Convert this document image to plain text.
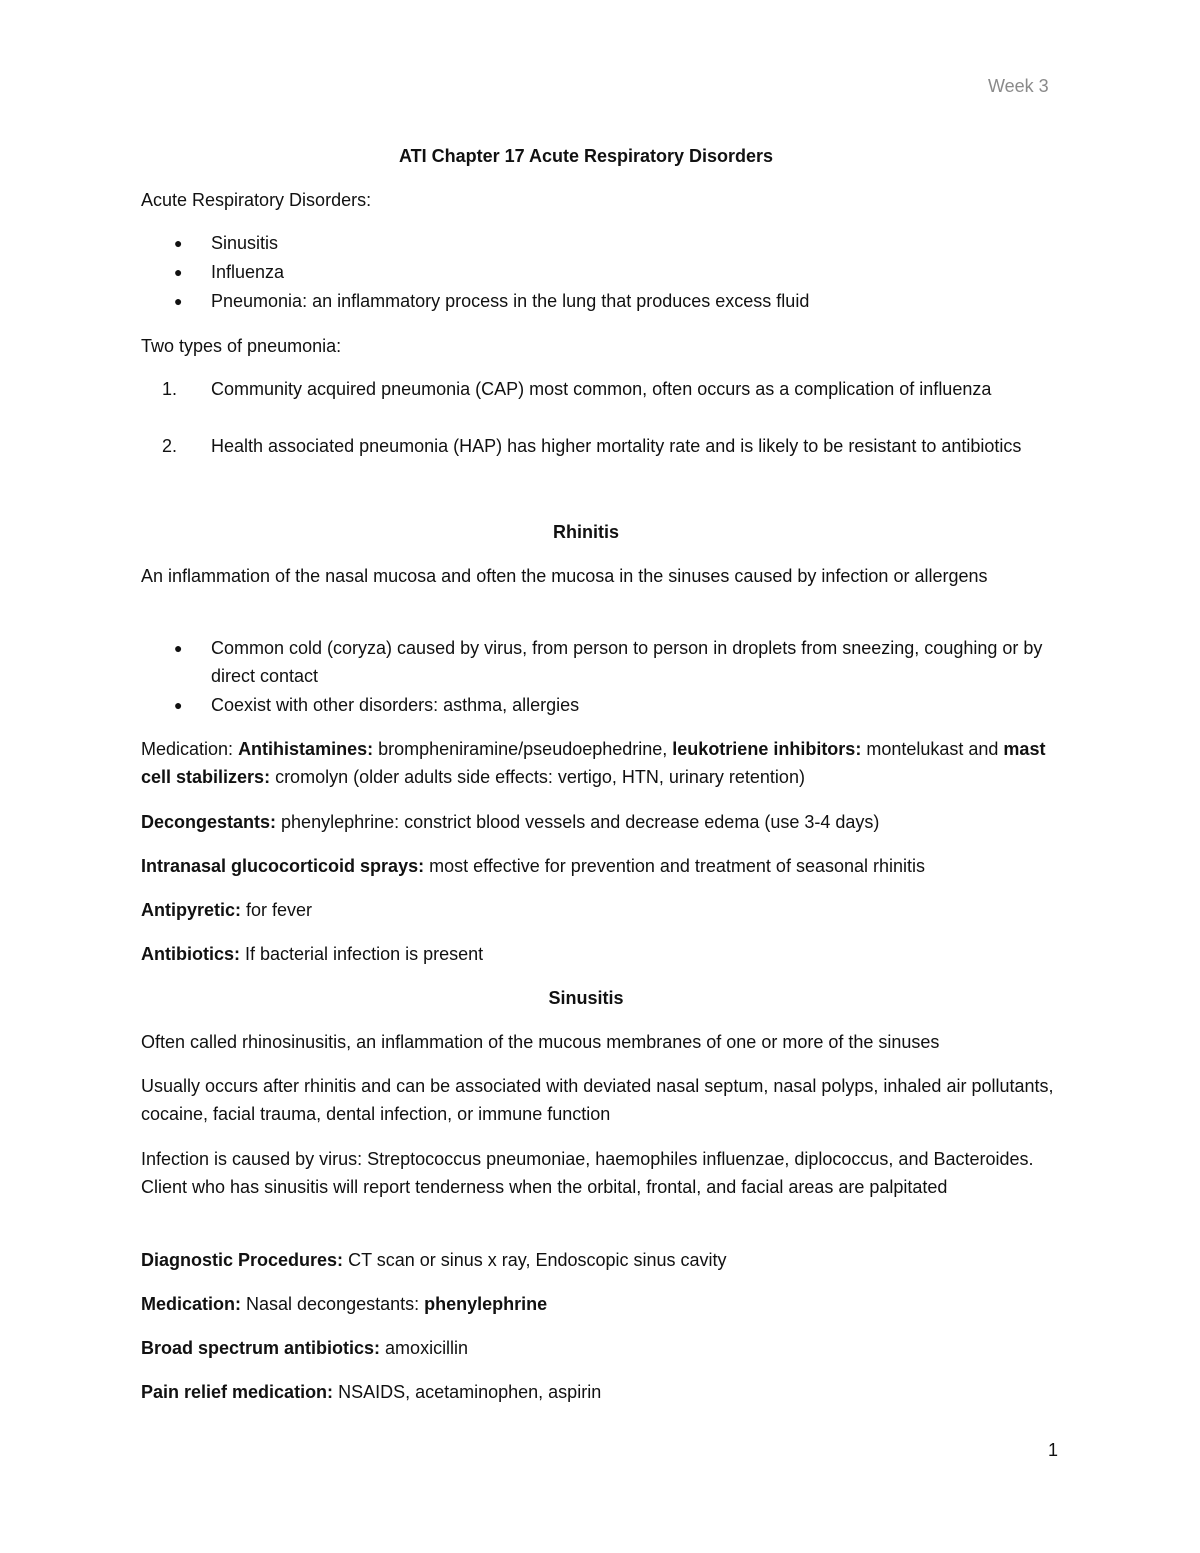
Week 3
ATI Chapter 17 Acute Respiratory Disorders
Acute Respiratory Disorders:
● Sinusitis
● Influenza
● Pneumonia: an inflammatory process in the lung that produces excess fluid
Two types of pneumonia:
1. Community acquired pneumonia (CAP) most common, often occurs as a complication of influenza
2. Health associated pneumonia (HAP) has higher mortality rate and is likely to be resistant to antibiotics
Rhinitis
An inflammation of the nasal mucosa and often the mucosa in the sinuses caused by infection or allergens
● Common cold (coryza) caused by virus, from person to person in droplets from sneezing, coughing or by direct contact
● Coexist with other disorders: asthma, allergies
Medication: Antihistamines: brompheniramine/pseudoephedrine, leukotriene inhibitors: montelukast and mast cell stabilizers: cromolyn (older adults side effects: vertigo, HTN, urinary retention)
Decongestants: phenylephrine: constrict blood vessels and decrease edema (use 3-4 days)
Intranasal glucocorticoid sprays: most effective for prevention and treatment of seasonal rhinitis
Antipyretic: for fever
Antibiotics: If bacterial infection is present
Sinusitis
Often called rhinosinusitis, an inflammation of the mucous membranes of one or more of the sinuses
Usually occurs after rhinitis and can be associated with deviated nasal septum, nasal polyps, inhaled air pollutants, cocaine, facial trauma, dental infection, or immune function
Infection is caused by virus: Streptococcus pneumoniae, haemophiles influenzae, diplococcus, and Bacteroides. Client who has sinusitis will report tenderness when the orbital, frontal, and facial areas are palpitated
Diagnostic Procedures: CT scan or sinus x ray, Endoscopic sinus cavity
Medication: Nasal decongestants: phenylephrine
Broad spectrum antibiotics: amoxicillin
Pain relief medication: NSAIDS, acetaminophen, aspirin
1
